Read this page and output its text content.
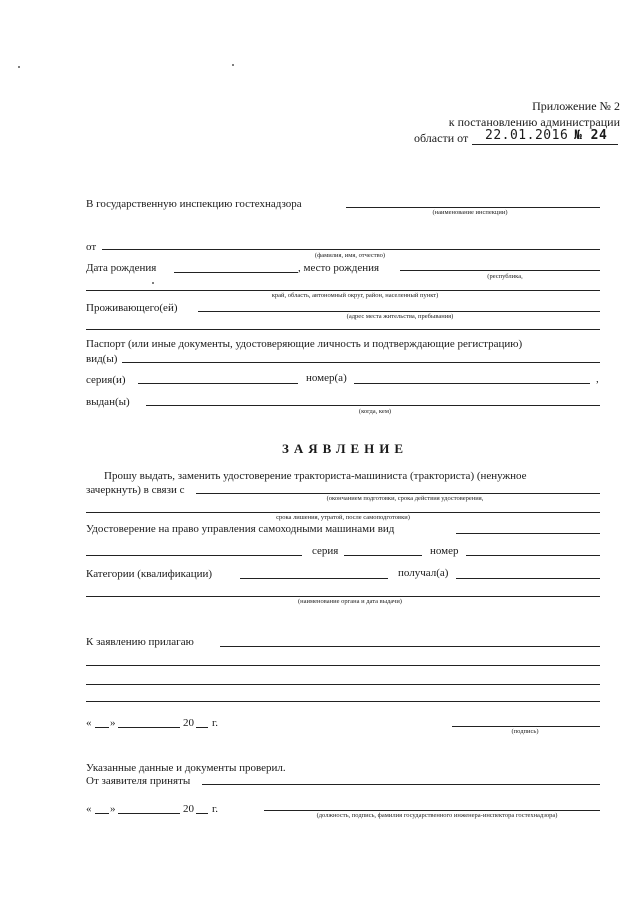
Приложение № 2
к постановлению администрации
области от 22.01.2016 № 24
В государственную инспекцию гостехнадзора
(наименование инспекции)
от
(фамилия, имя, отчество)
Дата рождения	, место рождения
(республика,
край, область, автономный округ, район, населенный пункт)
Проживающего(ей)
(адрес места жительства, пребывания)
Паспорт (или иные документы, удостоверяющие личность и подтверждающие регистрацию)
вид(ы)
серия(и)	номер(а)	,
выдан(ы)
(когда, кем)
ЗАЯВЛЕНИЕ
Прошу выдать, заменить удостоверение тракториста-машиниста (тракториста) (ненужное
зачеркнуть) в связи с
(окончанием подготовки, срока действия удостоверения,
срока лишения, утратой, после самоподготовки)
Удостоверение на право управления самоходными машинами вид
серия	номер
Категории (квалификации)	получал(а)
(наименование органа и дата выдачи)
К заявлению прилагаю
« »	20 г.
(подпись)
Указанные данные и документы проверил.
От заявителя приняты
« »	20 г.
(должность, подпись, фамилия государственного инженера-инспектора гостехнадзора)
